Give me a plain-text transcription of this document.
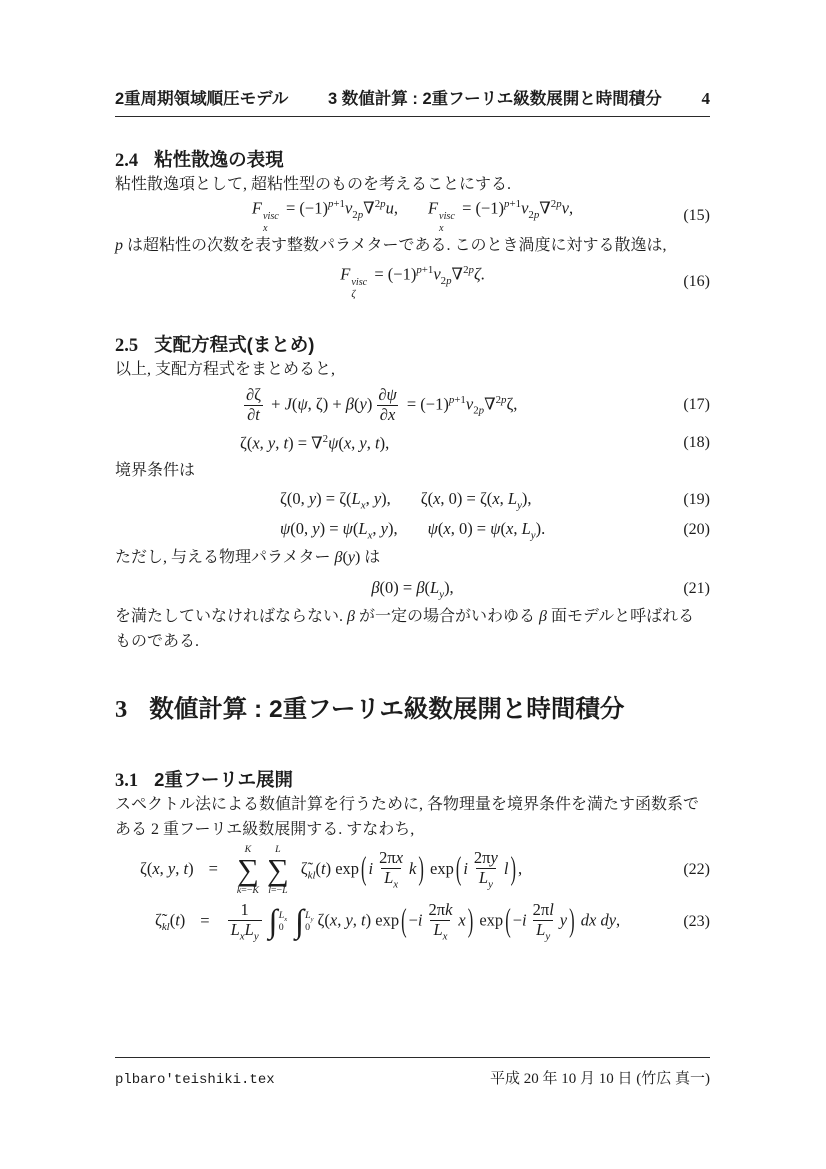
2重周期領域順圧モデル 3 数値計算 : 2重フーリエ級数展開と時間積分 4
2.4 粘性散逸の表現

粘性散逸項として, 超粘性型のものを考えることにする.

F visc
x
= $(-1)^{p+1}\nu_{2p}\nabla^{2p}u$, F visc
x
= $(-1)^{p+1}\nu_{2p}\nabla^{2p}v$,	(15)

p は超粘性の次数を表す整数パラメターである. このとき渦度に対する散逸は,

F visc
ζ
= $(-1)^{p+1}\nu_{2p}\nabla^{2p}\zeta$.	(16)
2.5 支配方程式(まとめ)

以上, 支配方程式をまとめると,

$\frac{\partial\zeta}{\partial t} + J(\psi$, $\zeta) + \beta(y) \frac{\partial\psi}{\partial x} = (-1)^{p+1}\nu_{2p}\nabla^{2p}\zeta$,	(17)
ζ(x, y, t) = ∇$^2$ψ(x, y, t),	(18)

境界条件は

ζ(0, $y) = \zeta(L_x$, y), ζ(x, 0) = ζ(x, $L_y$),	(19)
ψ(0, $y) = \psi(L_x$, y), ψ(x, 0) = ψ(x, $L_y$).	(20)

ただし, 与える物理パラメター β(y) は

$\beta(0) = \beta(L_y)$,	(21)

を満たしていなければならない. β が一定の場合がいわゆる β 面モデルと呼ばれるものである.

3 数値計算 : 2重フーリエ級数展開と時間積分
3.1 2重フーリエ展開

スペクトル法による数値計算を行うために, 各物理量を境界条件を満たす函数系である 2 重フーリエ級数展開する. すなわち,

ζ(x, y, t) =
K
∑
k=−K
L
∑
l=−L
$\zetã_{kl}(t)$ exp ( i $\frac{2\pi x}{L_x}$ k ) exp ( i $\frac{2\pi y}{L_y}$ l ) ,	(22)
$\zetã_{kl}(t) = \frac{1}{L_xL_y}$ ∫ $L_x$
0 ∫ $L_y$
0 ζ(x, y, t) exp ( $-i \frac{2\pi k}{L_x}$ x ) exp ( $-i \frac{2\pi l}{L_y}$ y ) dx dy,	(23)
plbaro'teishiki.tex	平成 20 年 10 月 10 日 (竹広 真一)
